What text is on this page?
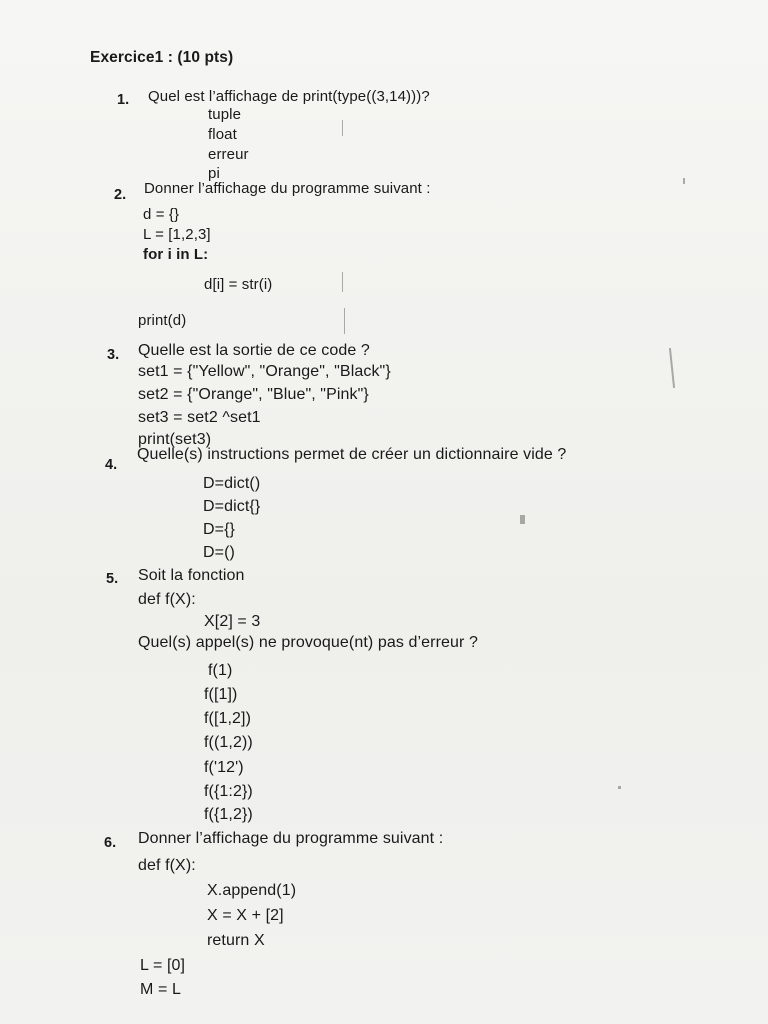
Exercice1 : (10 pts)
1. Quel est l’affichage de print(type((3,14)))?
tuple
float
erreur
pi
2. Donner l’affichage du programme suivant :
d = {}
L = [1,2,3]
for i in L:
d[i] = str(i)
print(d)
3. Quelle est la sortie de ce code ?
set1 = {"Yellow", "Orange", "Black"}
set2 = {"Orange", "Blue", "Pink"}
set3 = set2 ^set1
print(set3)
4.
Quelle(s) instructions permet de créer un dictionnaire vide ?
D=dict()
D=dict{}
D={}
D=()
5. Soit la fonction
def f(X):
X[2] = 3
Quel(s) appel(s) ne provoque(nt) pas d’erreur ?
f(1)
f([1])
f([1,2])
f((1,2))
f('12')
f({1:2})
f({1,2})
6. Donner l’affichage du programme suivant :
def f(X):
X.append(1)
X = X + [2]
return X
L = [0]
M = L
